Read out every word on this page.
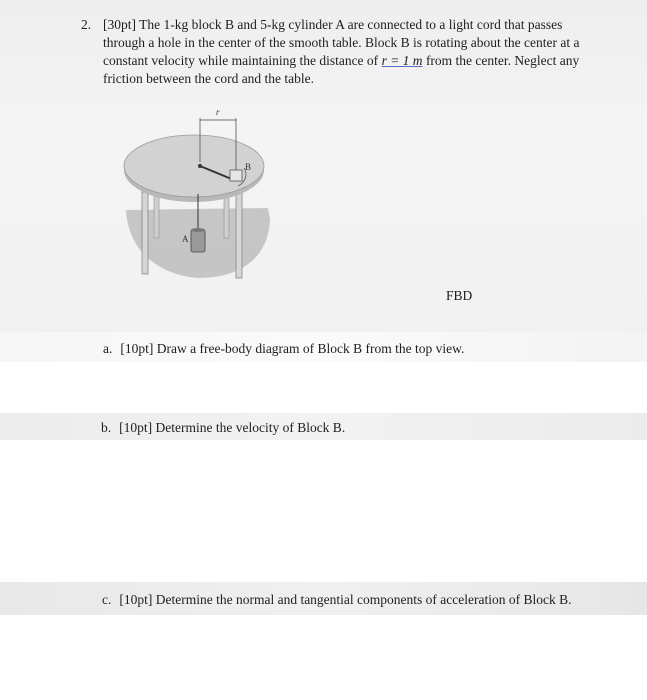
2. [30pt] The 1-kg block B and 5-kg cylinder A are connected to a light cord that passes

through a hole in the center of the smooth table. Block B is rotating about the center at a

constant velocity while maintaining the distance of r = 1 m from the center. Neglect any

friction between the cord and the table.

r
B
A
FBD
a. [10pt] Draw a free-body diagram of Block B from the top view.
b. [10pt] Determine the velocity of Block B.
c. [10pt] Determine the normal and tangential components of acceleration of Block B.
